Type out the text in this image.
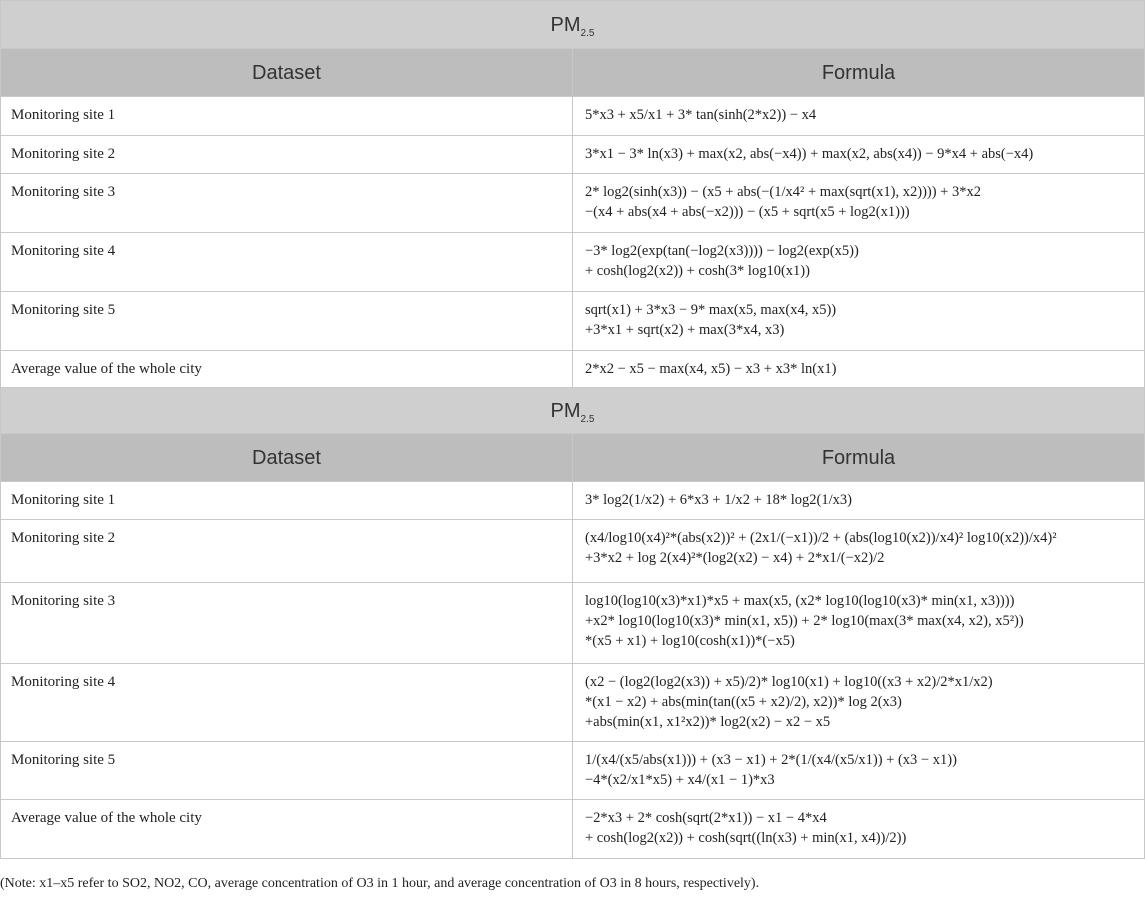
$PM_{2.5}$
Dataset	Formula
Monitoring site 1	5*x3 + x5/x1 + 3* tan(sinh(2*x2)) − x4

Monitoring site 2	3*x1 − 3* ln(x3) + max(x2, abs(−x4)) + max(x2, abs(x4)) − 9*x4 + abs(−x4)

Monitoring site 3	2* log2(sinh(x3)) − (x5 + abs(−(1/x4² + max(sqrt(x1), x2)))) + 3*x2
−(x4 + abs(x4 + abs(−x2))) − (x5 + sqrt(x5 + log2(x1)))

Monitoring site 4	−3* log2(exp(tan(−log2(x3)))) − log2(exp(x5))
+ cosh(log2(x2)) + cosh(3* log10(x1))

Monitoring site 5	sqrt(x1) + 3*x3 − 9* max(x5, max(x4, x5))
+3*x1 + sqrt(x2) + max(3*x4, x3)

Average value of the whole city	2*x2 − x5 − max(x4, x5) − x3 + x3* ln(x1)
$PM_{2.5}$
Dataset	Formula
Monitoring site 1	3* log2(1/x2) + 6*x3 + 1/x2 + 18* log2(1/x3)

Monitoring site 2	(x4/log10(x4)²*(abs(x2))² + (2x1/(−x1))/2 + (abs(log10(x2))/x4)² log10(x2))/x4)²
+3*x2 + log 2(x4)²*(log2(x2) − x4) + 2*x1/(−x2)/2

Monitoring site 3	log10(log10(x3)*x1)*x5 + max(x5, (x2* log10(log10(x3)* min(x1, x3))))
+x2* log10(log10(x3)* min(x1, x5)) + 2* log10(max(3* max(x4, x2), x5²))
*(x5 + x1) + log10(cosh(x1))*(−x5)

Monitoring site 4	(x2 − (log2(log2(x3)) + x5)/2)* log10(x1) + log10((x3 + x2)/2*x1/x2)
*(x1 − x2) + abs(min(tan((x5 + x2)/2), x2))* log 2(x3)
+abs(min(x1, x1²x2))* log2(x2) − x2 − x5

Monitoring site 5	1/(x4/(x5/abs(x1))) + (x3 − x1) + 2*(1/(x4/(x5/x1)) + (x3 − x1))
−4*(x2/x1*x5) + x4/(x1 − 1)*x3

Average value of the whole city	−2*x3 + 2* cosh(sqrt(2*x1)) − x1 − 4*x4
+ cosh(log2(x2)) + cosh(sqrt((ln(x3) + min(x1, x4))/2))
(Note: x1–x5 refer to SO2, NO2, CO, average concentration of O3 in 1 hour, and average concentration of O3 in 8 hours, respectively).
